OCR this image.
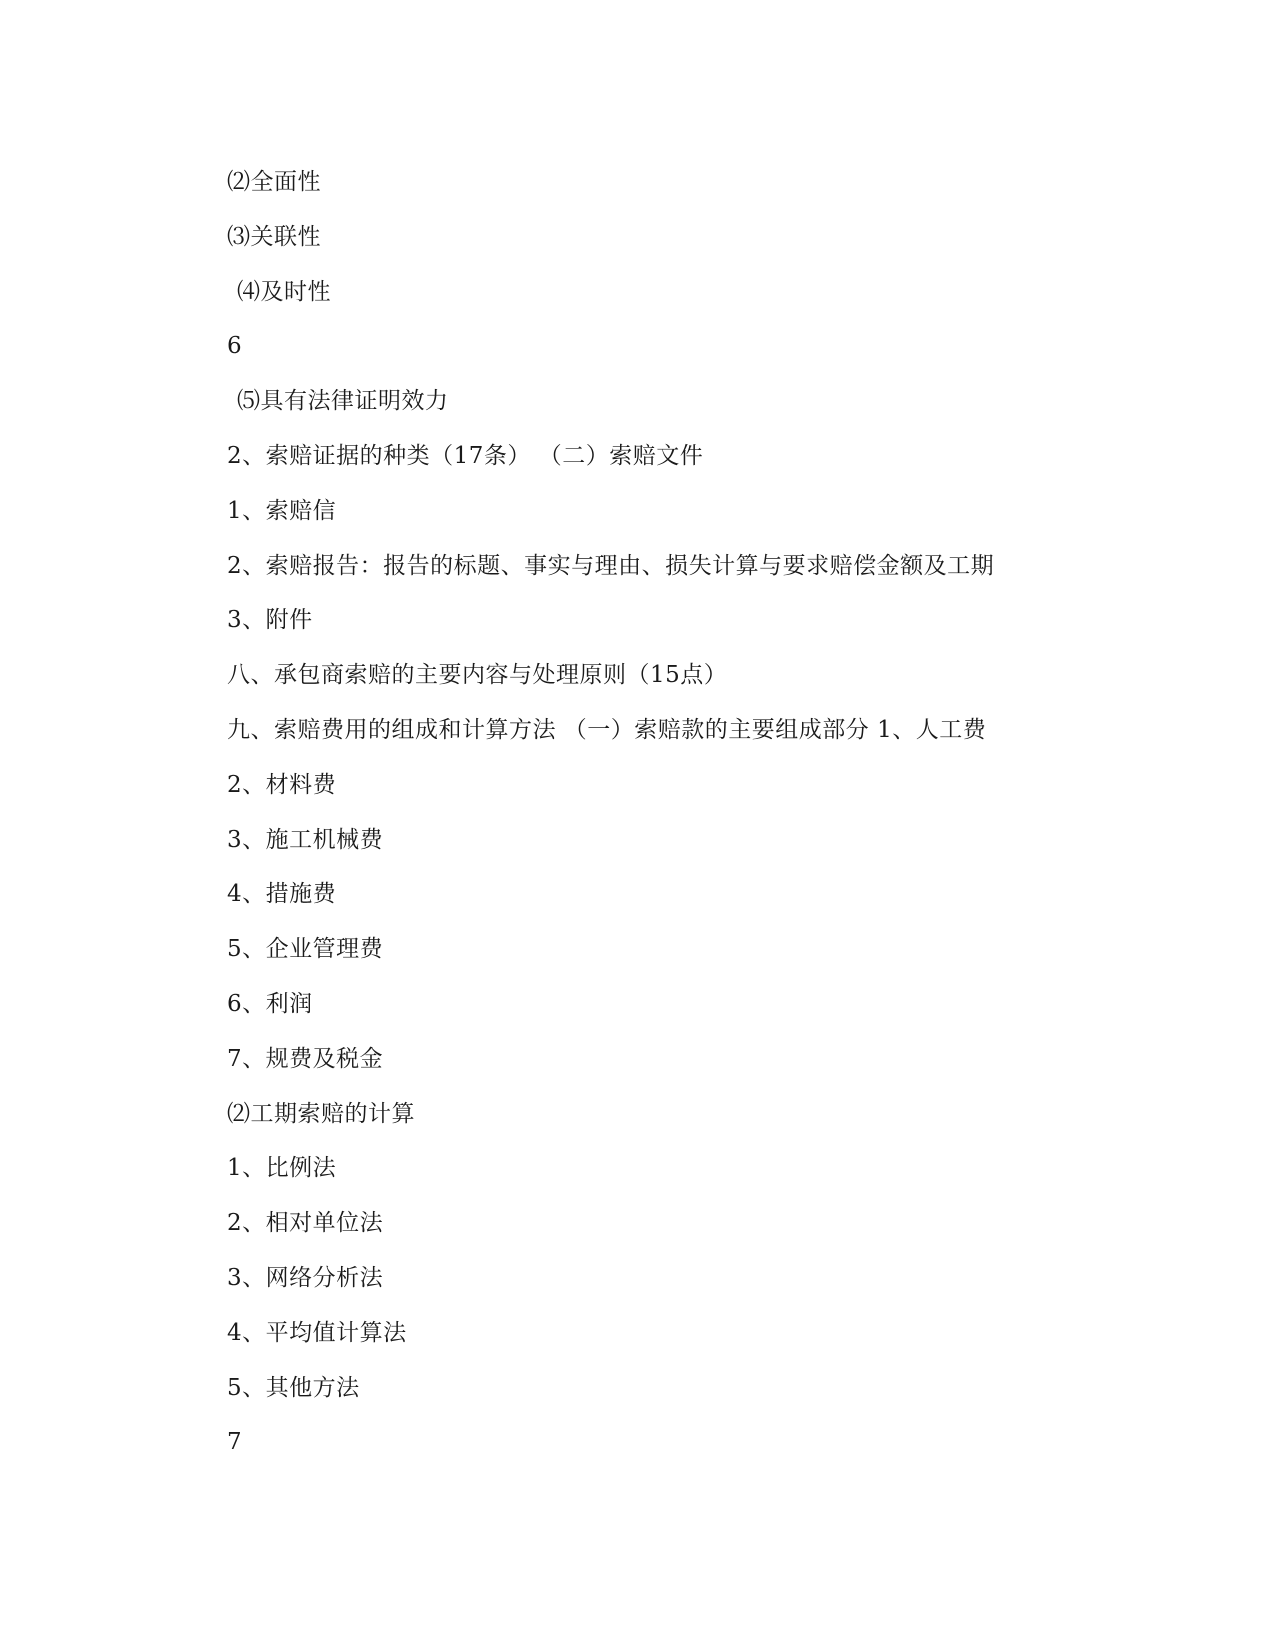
⑵全面性
⑶关联性
⑷及时性
6
⑸具有法律证明效力
2、索赔证据的种类（17条） （二）索赔文件
1、索赔信
2、索赔报告：报告的标题、事实与理由、损失计算与要求赔偿金额及工期
3、附件
八、承包商索赔的主要内容与处理原则（15点）
九、索赔费用的组成和计算方法 （一）索赔款的主要组成部分 1、人工费
2、材料费
3、施工机械费
4、措施费
5、企业管理费
6、利润
7、规费及税金
⑵工期索赔的计算
1、比例法
2、相对单位法
3、网络分析法
4、平均值计算法
5、其他方法
7
